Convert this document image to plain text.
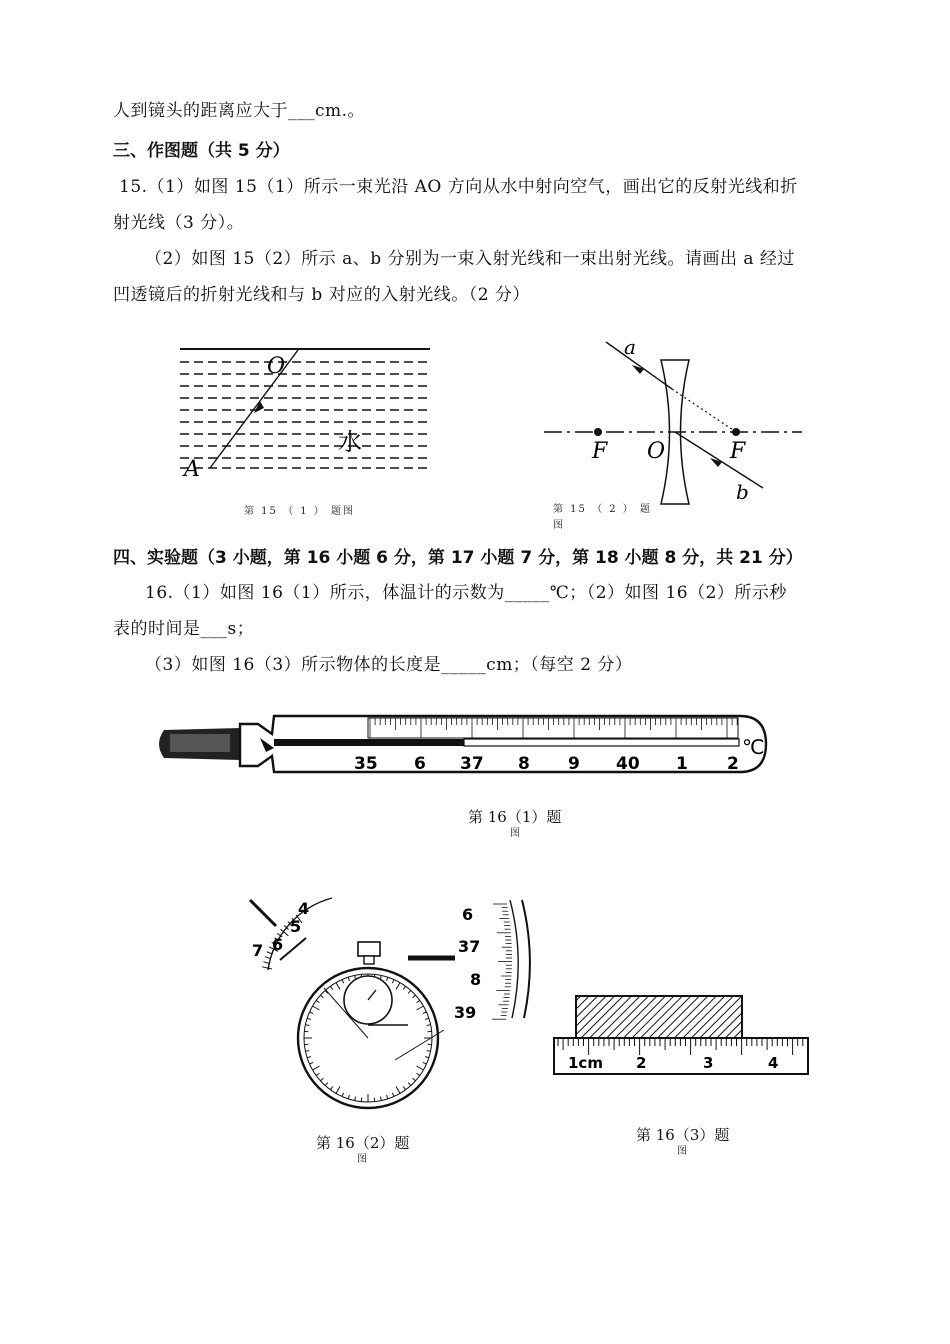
人到镜头的距离应大于___cm.。
三、作图题（共 5 分）
15.（1）如图 15（1）所示一束光沿 AO 方向从水中射向空气，画出它的反射光线和折
射光线（3 分）。
（2）如图 15（2）所示 a、b 分别为一束入射光线和一束出射光线。请画出 a 经过
凹透镜后的折射光线和与 b 对应的入射光线。（2 分）
O
A
水
第 15 （ 1 ） 题图
a
b
F O	F
第 15 （ 2 ） 题
图
四、实验题（3 小题，第 16 小题 6 分，第 17 小题 7 分，第 18 小题 8 分，共 21 分）
16.（1）如图 16（1）所示，体温计的示数为_____℃；（2）如图 16（2）所示秒
表的时间是___s；
（3）如图 16（3）所示物体的长度是_____cm；（每空 2 分）
35 6 37 8 9 40 1 2
℃
第 16（1）题
图
4
5
6
7
6
37
8
39
第 16（2）题
图
1cm 2	3	4
第 16（3）题
图
